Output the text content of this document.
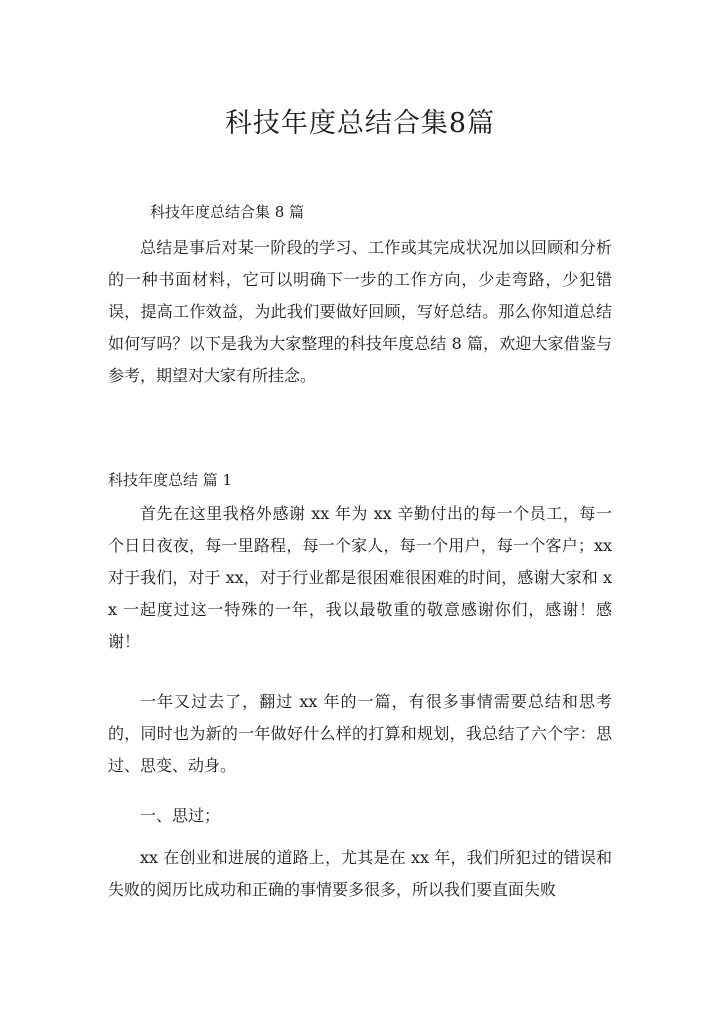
科技年度总结合集8篇
科技年度总结合集 8 篇

总结是事后对某一阶段的学习、工作或其完成状况加以回顾和分析的一种书面材料，它可以明确下一步的工作方向，少走弯路，少犯错误，提高工作效益，为此我们要做好回顾，写好总结。那么你知道总结如何写吗？以下是我为大家整理的科技年度总结 8 篇，欢迎大家借鉴与参考，期望对大家有所挂念。

科技年度总结 篇 1

首先在这里我格外感谢 xx 年为 xx 辛勤付出的每一个员工，每一个日日夜夜，每一里路程，每一个家人，每一个用户，每一个客户；xx 对于我们，对于 xx，对于行业都是很困难很困难的时间，感谢大家和 xx 一起度过这一特殊的一年，我以最敬重的敬意感谢你们，感谢！感谢！

一年又过去了，翻过 xx 年的一篇，有很多事情需要总结和思考的，同时也为新的一年做好什么样的打算和规划，我总结了六个字：思过、思变、动身。

一、思过；

xx 在创业和进展的道路上，尤其是在 xx 年，我们所犯过的错误和失败的阅历比成功和正确的事情要多很多，所以我们要直面失败
